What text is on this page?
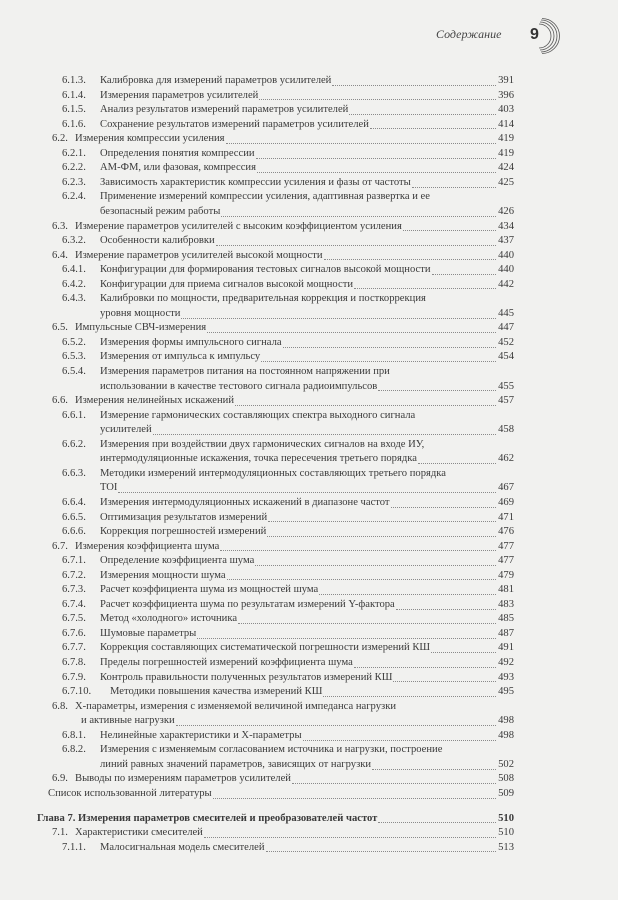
Содержание 9
6.1.3. Калибровка для измерений параметров усилителей	391
6.1.4. Измерения параметров усилителей	396
6.1.5. Анализ результатов измерений параметров усилителей	403
6.1.6. Сохранение результатов измерений параметров усилителей	414
6.2. Измерения компрессии усиления	419
6.2.1. Определения понятия компрессии	419
6.2.2. АМ-ФМ, или фазовая, компрессия	424
6.2.3. Зависимость характеристик компрессии усиления и фазы от частоты	425
6.2.4. Применение измерений компрессии усиления, адаптивная развертка и ее
безопасный режим работы	426
6.3. Измерение параметров усилителей с высоким коэффициентом усиления	434
6.3.2. Особенности калибровки	437
6.4. Измерение параметров усилителей высокой мощности	440
6.4.1. Конфигурации для формирования тестовых сигналов высокой мощности	440
6.4.2. Конфигурации для приема сигналов высокой мощности	442
6.4.3. Калибровки по мощности, предварительная коррекция и посткоррекция
уровня мощности	445
6.5. Импульсные СВЧ-измерения	447
6.5.2. Измерения формы импульсного сигнала	452
6.5.3. Измерения от импульса к импульсу	454
6.5.4. Измерения параметров питания на постоянном напряжении при
использовании в качестве тестового сигнала радиоимпульсов	455
6.6. Измерения нелинейных искажений	457
6.6.1. Измерение гармонических составляющих спектра выходного сигнала
усилителей	458
6.6.2. Измерения при воздействии двух гармонических сигналов на входе ИУ,
интермодуляционные искажения, точка пересечения третьего порядка	462
6.6.3. Методики измерений интермодуляционных составляющих третьего порядка
TOI	467
6.6.4. Измерения интермодуляционных искажений в диапазоне частот	469
6.6.5. Оптимизация результатов измерений	471
6.6.6. Коррекция погрешностей измерений	476
6.7. Измерения коэффициента шума	477
6.7.1. Определение коэффициента шума	477
6.7.2. Измерения мощности шума	479
6.7.3. Расчет коэффициента шума из мощностей шума	481
6.7.4. Расчет коэффициента шума по результатам измерений Y-фактора	483
6.7.5. Метод «холодного» источника	485
6.7.6. Шумовые параметры	487
6.7.7. Коррекция составляющих систематической погрешности измерений КШ	491
6.7.8. Пределы погрешностей измерений коэффициента шума	492
6.7.9. Контроль правильности полученных результатов измерений КШ	493
6.7.10. Методики повышения качества измерений КШ	495
6.8. X-параметры, измерения с изменяемой величиной импеданса нагрузки
и активные нагрузки	498
6.8.1. Нелинейные характеристики и X-параметры	498
6.8.2. Измерения с изменяемым согласованием источника и нагрузки, построение
линий равных значений параметров, зависящих от нагрузки	502
6.9. Выводы по измерениям параметров усилителей	508
Список использованной литературы	509
Глава 7. Измерения параметров смесителей и преобразователей частот	510
7.1. Характеристики смесителей	510
7.1.1. Малосигнальная модель смесителей	513
